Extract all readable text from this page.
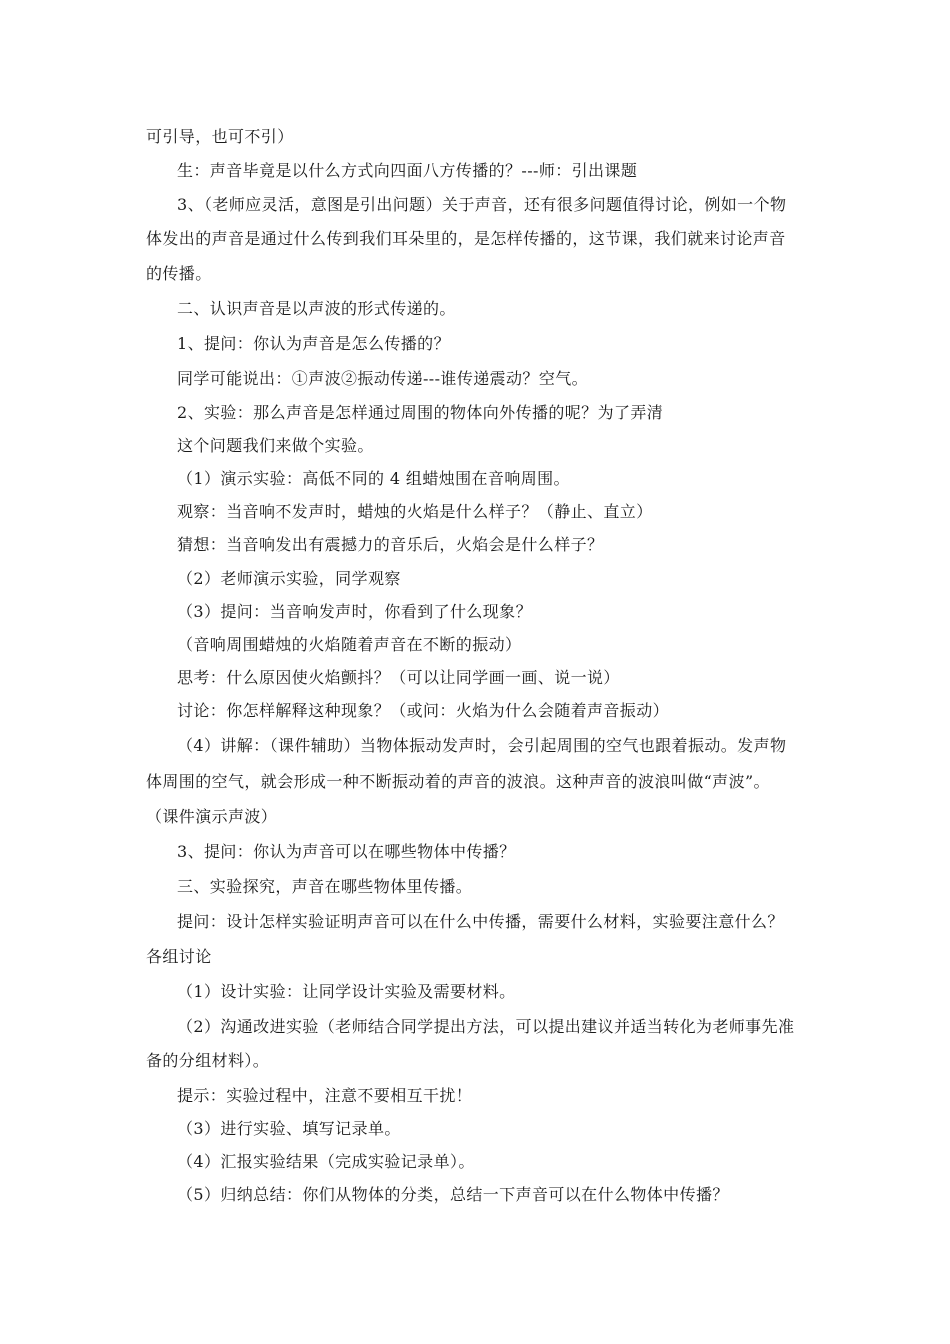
可引导，也可不引）
生：声音毕竟是以什么方式向四面八方传播的？---师：引出课题
3、（老师应灵活，意图是引出问题）关于声音，还有很多问题值得讨论，例如一个物
体发出的声音是通过什么传到我们耳朵里的，是怎样传播的，这节课，我们就来讨论声音
的传播。
二、认识声音是以声波的形式传递的。
1、提问：你认为声音是怎么传播的？
同学可能说出：①声波②振动传递---谁传递震动？空气。
2、实验：那么声音是怎样通过周围的物体向外传播的呢？为了弄清
这个问题我们来做个实验。
（1）演示实验：高低不同的 4 组蜡烛围在音响周围。
观察：当音响不发声时，蜡烛的火焰是什么样子？（静止、直立）
猜想：当音响发出有震撼力的音乐后，火焰会是什么样子？
（2）老师演示实验，同学观察
（3）提问：当音响发声时，你看到了什么现象？
（音响周围蜡烛的火焰随着声音在不断的振动）
思考：什么原因使火焰颤抖？（可以让同学画一画、说一说）
讨论：你怎样解释这种现象？（或问：火焰为什么会随着声音振动）
（4）讲解：（课件辅助）当物体振动发声时，会引起周围的空气也跟着振动。发声物
体周围的空气，就会形成一种不断振动着的声音的波浪。这种声音的波浪叫做“声波”。
（课件演示声波）
3、提问：你认为声音可以在哪些物体中传播？
三、实验探究，声音在哪些物体里传播。
提问：设计怎样实验证明声音可以在什么中传播，需要什么材料，实验要注意什么？
各组讨论
（1）设计实验：让同学设计实验及需要材料。
（2）沟通改进实验（老师结合同学提出方法，可以提出建议并适当转化为老师事先准
备的分组材料）。
提示：实验过程中，注意不要相互干扰！
（3）进行实验、填写记录单。
（4）汇报实验结果（完成实验记录单）。
（5）归纳总结：你们从物体的分类，总结一下声音可以在什么物体中传播？
